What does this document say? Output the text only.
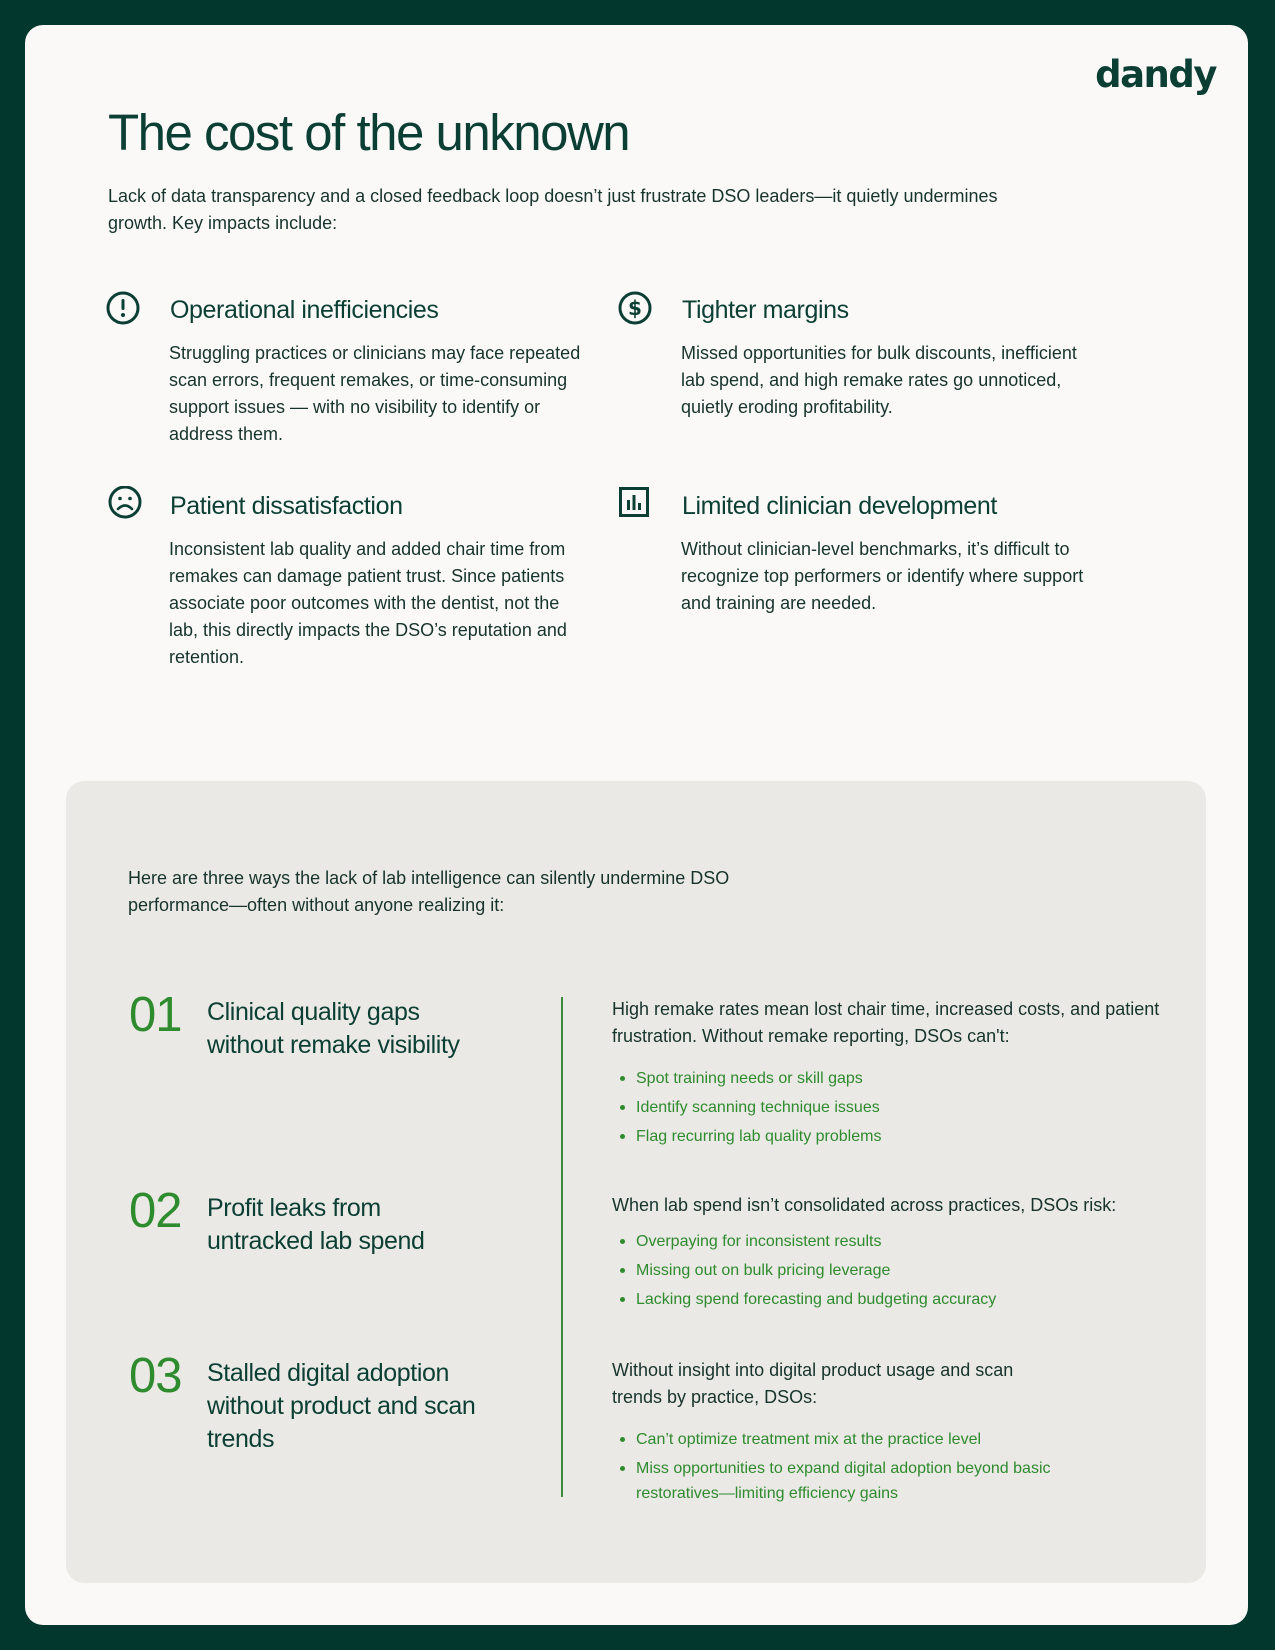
dandy
The cost of the unknown

Lack of data transparency and a closed feedback loop doesn’t just frustrate DSO leaders—it quietly undermines growth. Key impacts include:

Operational inefficiencies

Struggling practices or clinicians may face repeated scan errors, frequent remakes, or time-consuming support issues — with no visibility to identify or address them.

$ Tighter margins

Missed opportunities for bulk discounts, inefficient lab spend, and high remake rates go unnoticed, quietly eroding profitability.

Patient dissatisfaction

Inconsistent lab quality and added chair time from remakes can damage patient trust. Since patients associate poor outcomes with the dentist, not the lab, this directly impacts the DSO’s reputation and retention.

Limited clinician development

Without clinician-level benchmarks, it’s difficult to recognize top performers or identify where support and training are needed.

Here are three ways the lack of lab intelligence can silently undermine DSO performance—often without anyone realizing it:

01 Clinical quality gaps without remake visibility

High remake rates mean lost chair time, increased costs, and patient frustration. Without remake reporting, DSOs can't:

Spot training needs or skill gaps
Identify scanning technique issues
Flag recurring lab quality problems
02 Profit leaks from untracked lab spend

When lab spend isn’t consolidated across practices, DSOs risk:

Overpaying for inconsistent results
Missing out on bulk pricing leverage
Lacking spend forecasting and budgeting accuracy
03 Stalled digital adoption without product and scan trends

Without insight into digital product usage and scan trends by practice, DSOs:

Can’t optimize treatment mix at the practice level
Miss opportunities to expand digital adoption beyond basic restoratives—limiting efficiency gains
